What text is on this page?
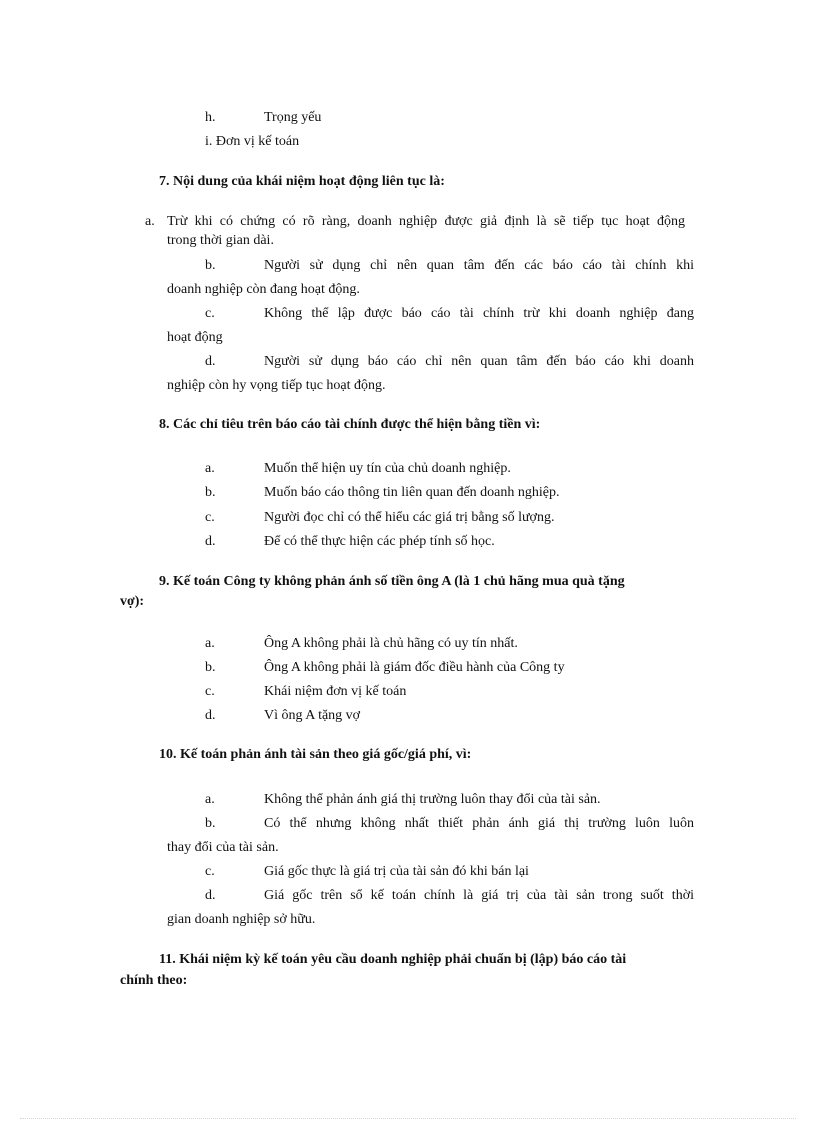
h.	Trọng yếu
i. Đơn vị kế toán
7. Nội dung của khái niệm hoạt động liên tục là:
a. Trừ khi có chứng có rõ ràng, doanh nghiệp được giả định là sẽ tiếp tục hoạt động
trong thời gian dài.
b.	Người sử dụng chỉ nên quan tâm đến các báo cáo tài chính khi
doanh nghiệp còn đang hoạt động.
c.	Không thể lập được báo cáo tài chính trừ khi doanh nghiệp đang
hoạt động
d.	Người sử dụng báo cáo chỉ nên quan tâm đến báo cáo khi doanh
nghiệp còn hy vọng tiếp tục hoạt động.
8. Các chỉ tiêu trên báo cáo tài chính được thể hiện bằng tiền vì:
a.	Muốn thể hiện uy tín của chủ doanh nghiệp.
b.	Muốn báo cáo thông tin liên quan đến doanh nghiệp.
c.	Người đọc chỉ có thể hiểu các giá trị bằng số lượng.
d.	Để có thể thực hiện các phép tính số học.
9. Kế toán Công ty không phản ánh số tiền ông A (là 1 chủ hãng mua quà tặng
vợ):
a.	Ông A không phải là chủ hãng có uy tín nhất.
b.	Ông A không phải là giám đốc điều hành của Công ty
c.	Khái niệm đơn vị kế toán
d.	Vì ông A tặng vợ
10. Kế toán phản ánh tài sản theo giá gốc/giá phí, vì:
a.	Không thể phản ánh giá thị trường luôn thay đổi của tài sản.
b.	Có thể nhưng không nhất thiết phản ánh giá thị trường luôn luôn
thay đổi của tài sản.
c.	Giá gốc thực là giá trị của tài sản đó khi bán lại
d.	Giá gốc trên sổ kế toán chính là giá trị của tài sản trong suốt thời
gian doanh nghiệp sở hữu.
11. Khái niệm kỳ kế toán yêu cầu doanh nghiệp phải chuẩn bị (lập) báo cáo tài
chính theo:
